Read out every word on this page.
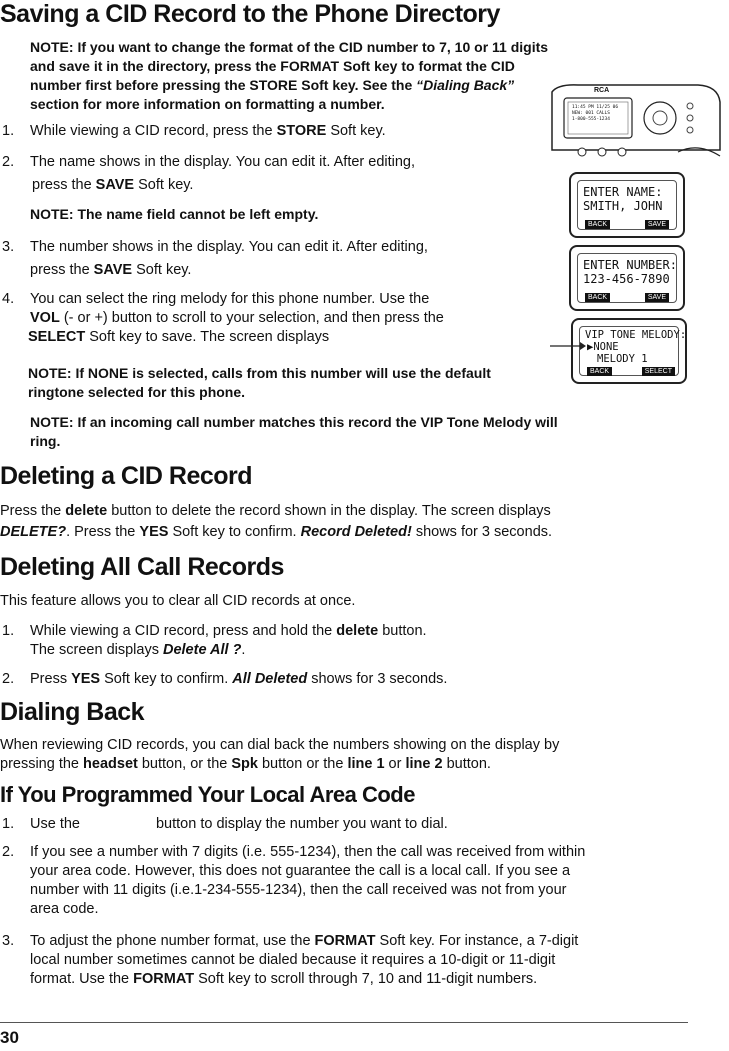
Saving a CID Record to the Phone Directory
NOTE: If you want to change the format of the CID number to 7, 10 or 11 digits
and save it in the directory, press the FORMAT Soft key to format the CID
number first before pressing the STORE Soft key. See the “Dialing Back”
section for more information on formatting a number.
1. While viewing a CID record, press the STORE Soft key.
2. The name shows in the display. You can edit it. After editing,
press the SAVE Soft key.
NOTE: The name field cannot be left empty.
3. The number shows in the display. You can edit it. After editing,
press the SAVE Soft key.
4. You can select the ring melody for this phone number. Use the
VOL (- or +) button to scroll to your selection, and then press the
SELECT Soft key to save. The screen displays
NOTE: If NONE is selected, calls from this number will use the default
ringtone selected for this phone.
NOTE: If an incoming call number matches this record the VIP Tone Melody will
ring.
RCA
11:45 PM 11/25 06
NEW: 001 CALLS
1-800-555-1234
ENTER NAME:
SMITH, JOHN
BACK	SAVE
ENTER NUMBER:
123-456-7890
BACK	SAVE
VIP TONE MELODY:
▶NONE
MELODY 1
BACK	SELECT
Deleting a CID Record
Press the delete button to delete the record shown in the display. The screen displays
DELETE?. Press the YES Soft key to confirm. Record Deleted! shows for 3 seconds.
Deleting All Call Records
This feature allows you to clear all CID records at once.
1. While viewing a CID record, press and hold the delete button.
The screen displays Delete All ?.
2. Press YES Soft key to confirm. All Deleted shows for 3 seconds.
Dialing Back
When reviewing CID records, you can dial back the numbers showing on the display by
pressing the headset button, or the Spk button or the line 1 or line 2 button.
If You Programmed Your Local Area Code
1. Use the	button to display the number you want to dial.
2. If you see a number with 7 digits (i.e. 555-1234), then the call was received from within
your area code. However, this does not guarantee the call is a local call. If you see a
number with 11 digits (i.e.1-234-555-1234), then the call received was not from your
area code.
3. To adjust the phone number format, use the FORMAT Soft key. For instance, a 7-digit
local number sometimes cannot be dialed because it requires a 10-digit or 11-digit
format. Use the FORMAT Soft key to scroll through 7, 10 and 11-digit numbers.
30
